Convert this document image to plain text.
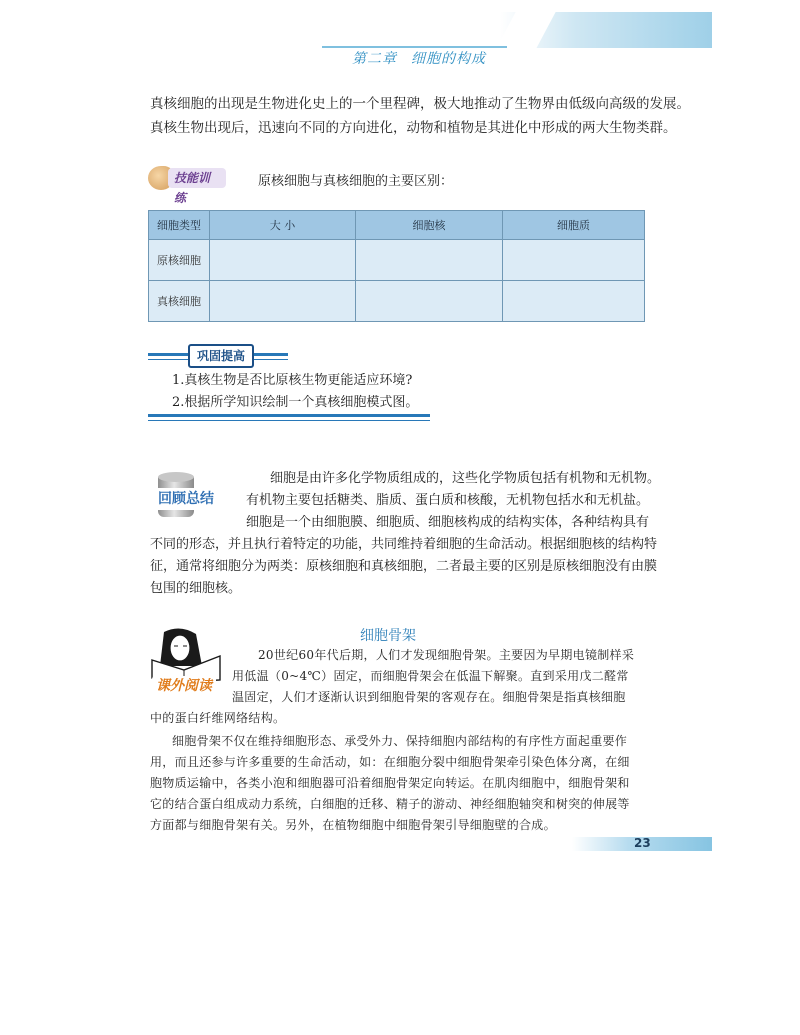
第二章 细胞的构成
真核细胞的出现是生物进化史上的一个里程碑，极大地推动了生物界由低级向高级的发展。
真核生物出现后，迅速向不同的方向进化，动物和植物是其进化中形成的两大生物类群。
技能训练
原核细胞与真核细胞的主要区别：
细胞类型	大 小	细胞核	细胞质
原核细胞			
真核细胞			
巩固提高
1.真核生物是否比原核生物更能适应环境?
2.根据所学知识绘制一个真核细胞模式图。
回顾总结
细胞是由许多化学物质组成的，这些化学物质包括有机物和无机物。
有机物主要包括糖类、脂质、蛋白质和核酸，无机物包括水和无机盐。
细胞是一个由细胞膜、细胞质、细胞核构成的结构实体，各种结构具有
不同的形态，并且执行着特定的功能，共同维持着细胞的生命活动。根据细胞核的结构特
征，通常将细胞分为两类：原核细胞和真核细胞，二者最主要的区别是原核细胞没有由膜
包围的细胞核。
课外阅读
细胞骨架
20世纪60年代后期，人们才发现细胞骨架。主要因为早期电镜制样采
用低温（0~4℃）固定，而细胞骨架会在低温下解聚。直到采用戊二醛常
温固定，人们才逐渐认识到细胞骨架的客观存在。细胞骨架是指真核细胞
中的蛋白纤维网络结构。
细胞骨架不仅在维持细胞形态、承受外力、保持细胞内部结构的有序性方面起重要作
用，而且还参与许多重要的生命活动，如：在细胞分裂中细胞骨架牵引染色体分离，在细
胞物质运输中，各类小泡和细胞器可沿着细胞骨架定向转运。在肌肉细胞中，细胞骨架和
它的结合蛋白组成动力系统，白细胞的迁移、精子的游动、神经细胞轴突和树突的伸展等
方面都与细胞骨架有关。另外，在植物细胞中细胞骨架引导细胞壁的合成。
23
